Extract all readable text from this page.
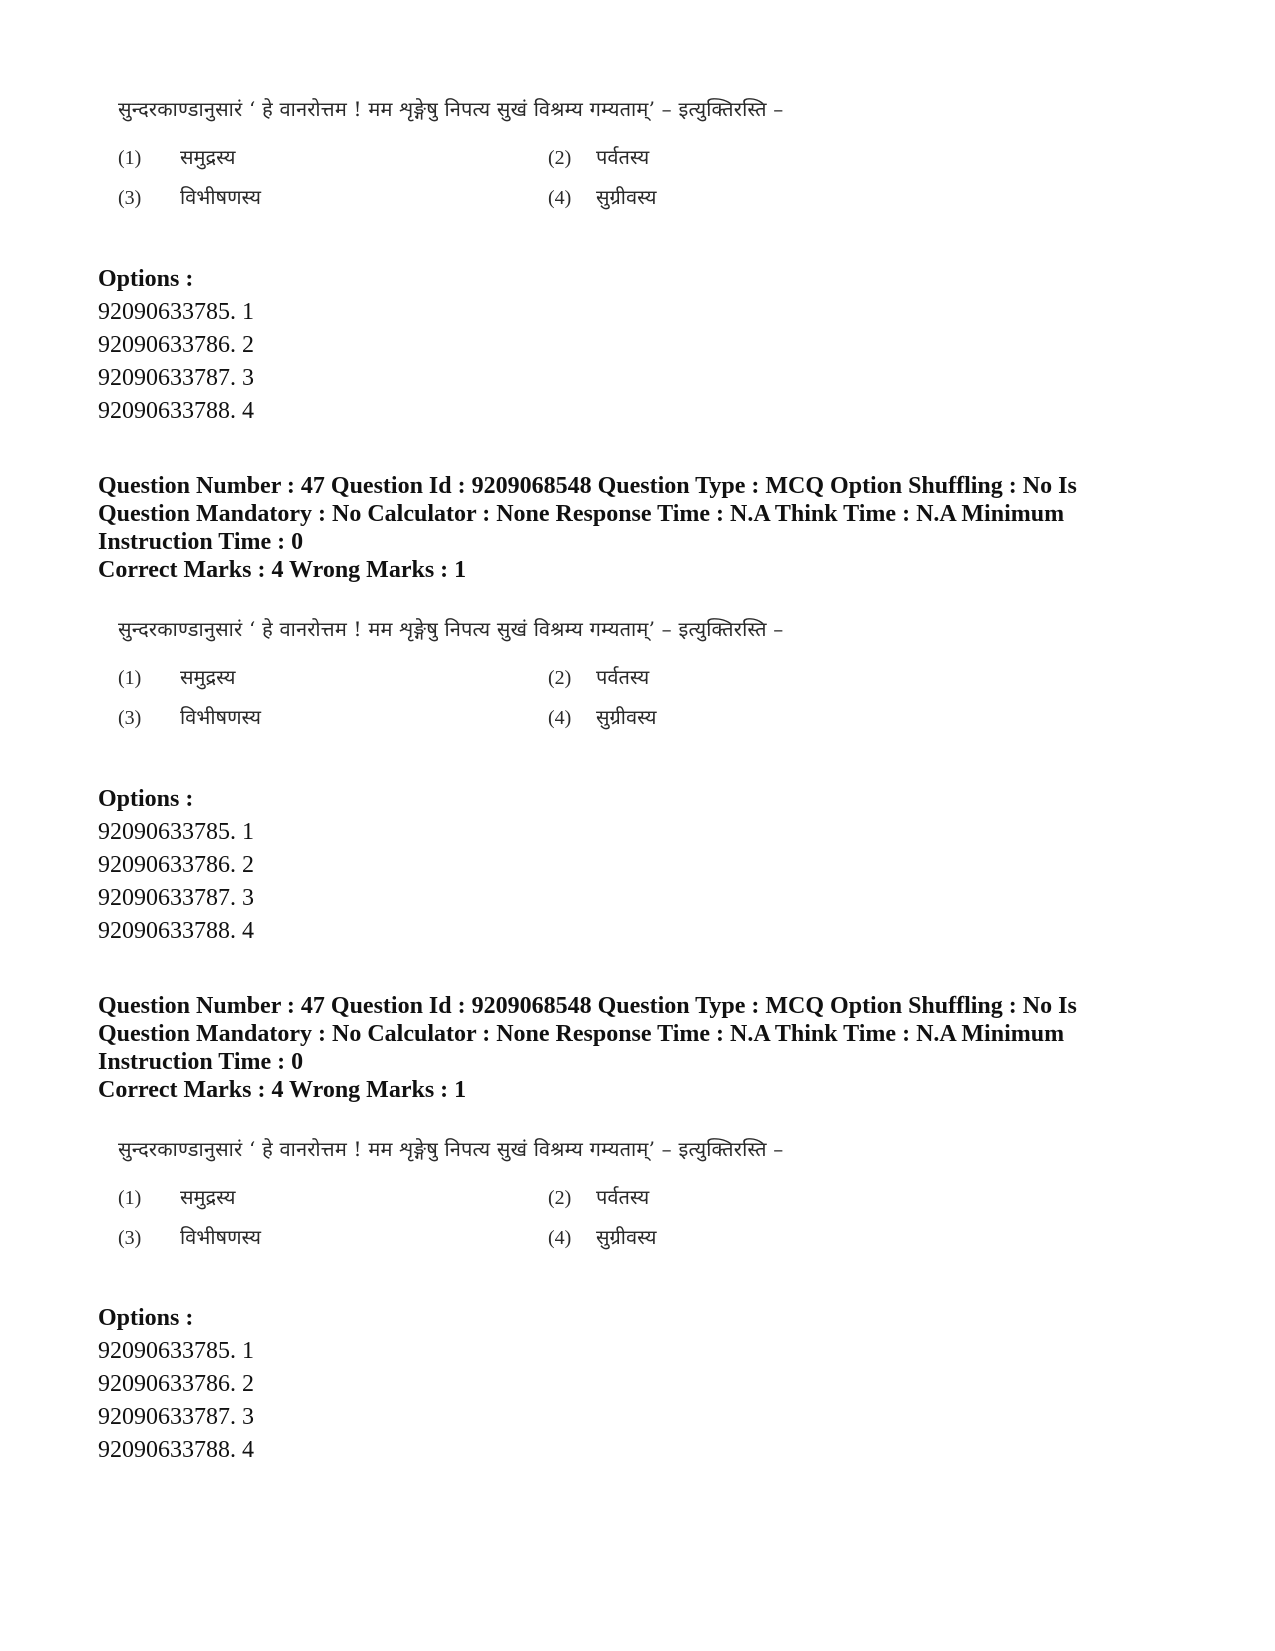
सुन्दरकाण्डानुसारं ‘ हे वानरोत्तम ! मम शृङ्गेषु निपत्य सुखं विश्रम्य गम्यताम्’ – इत्युक्तिरस्ति –
(1) समुद्रस्य	(2) पर्वतस्य
(3) विभीषणस्य	(4) सुग्रीवस्य
Options :
92090633785. 1
92090633786. 2
92090633787. 3
92090633788. 4
Question Number : 47 Question Id : 9209068548 Question Type : MCQ Option Shuffling : No Is
Question Mandatory : No Calculator : None Response Time : N.A Think Time : N.A Minimum
Instruction Time : 0
Correct Marks : 4 Wrong Marks : 1
सुन्दरकाण्डानुसारं ‘ हे वानरोत्तम ! मम शृङ्गेषु निपत्य सुखं विश्रम्य गम्यताम्’ – इत्युक्तिरस्ति –
(1) समुद्रस्य	(2) पर्वतस्य
(3) विभीषणस्य	(4) सुग्रीवस्य
Options :
92090633785. 1
92090633786. 2
92090633787. 3
92090633788. 4
Question Number : 47 Question Id : 9209068548 Question Type : MCQ Option Shuffling : No Is
Question Mandatory : No Calculator : None Response Time : N.A Think Time : N.A Minimum
Instruction Time : 0
Correct Marks : 4 Wrong Marks : 1
सुन्दरकाण्डानुसारं ‘ हे वानरोत्तम ! मम शृङ्गेषु निपत्य सुखं विश्रम्य गम्यताम्’ – इत्युक्तिरस्ति –
(1) समुद्रस्य	(2) पर्वतस्य
(3) विभीषणस्य	(4) सुग्रीवस्य
Options :
92090633785. 1
92090633786. 2
92090633787. 3
92090633788. 4
